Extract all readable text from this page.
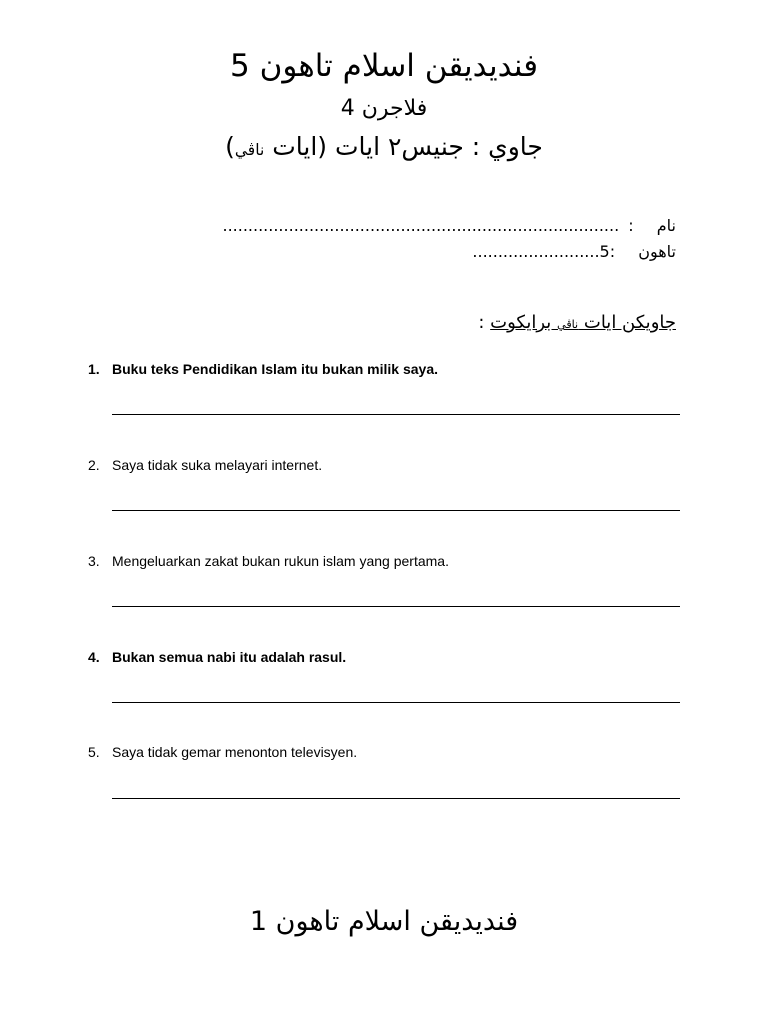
فنديديقن اسلام تاهون 5
فلاجرن 4
جاوي : جنيس٢ ايات (ايات ناڤي)
نام : ..............................................................................
تاهون 5:.........................
جاويكن ايات ناڤي برايكوت :
1. Buku teks Pendidikan Islam itu bukan milik saya.
2. Saya tidak suka melayari internet.
3. Mengeluarkan zakat bukan rukun islam yang pertama.
4. Bukan semua nabi itu adalah rasul.
5. Saya tidak gemar menonton televisyen.
فنديديقن اسلام تاهون 1
